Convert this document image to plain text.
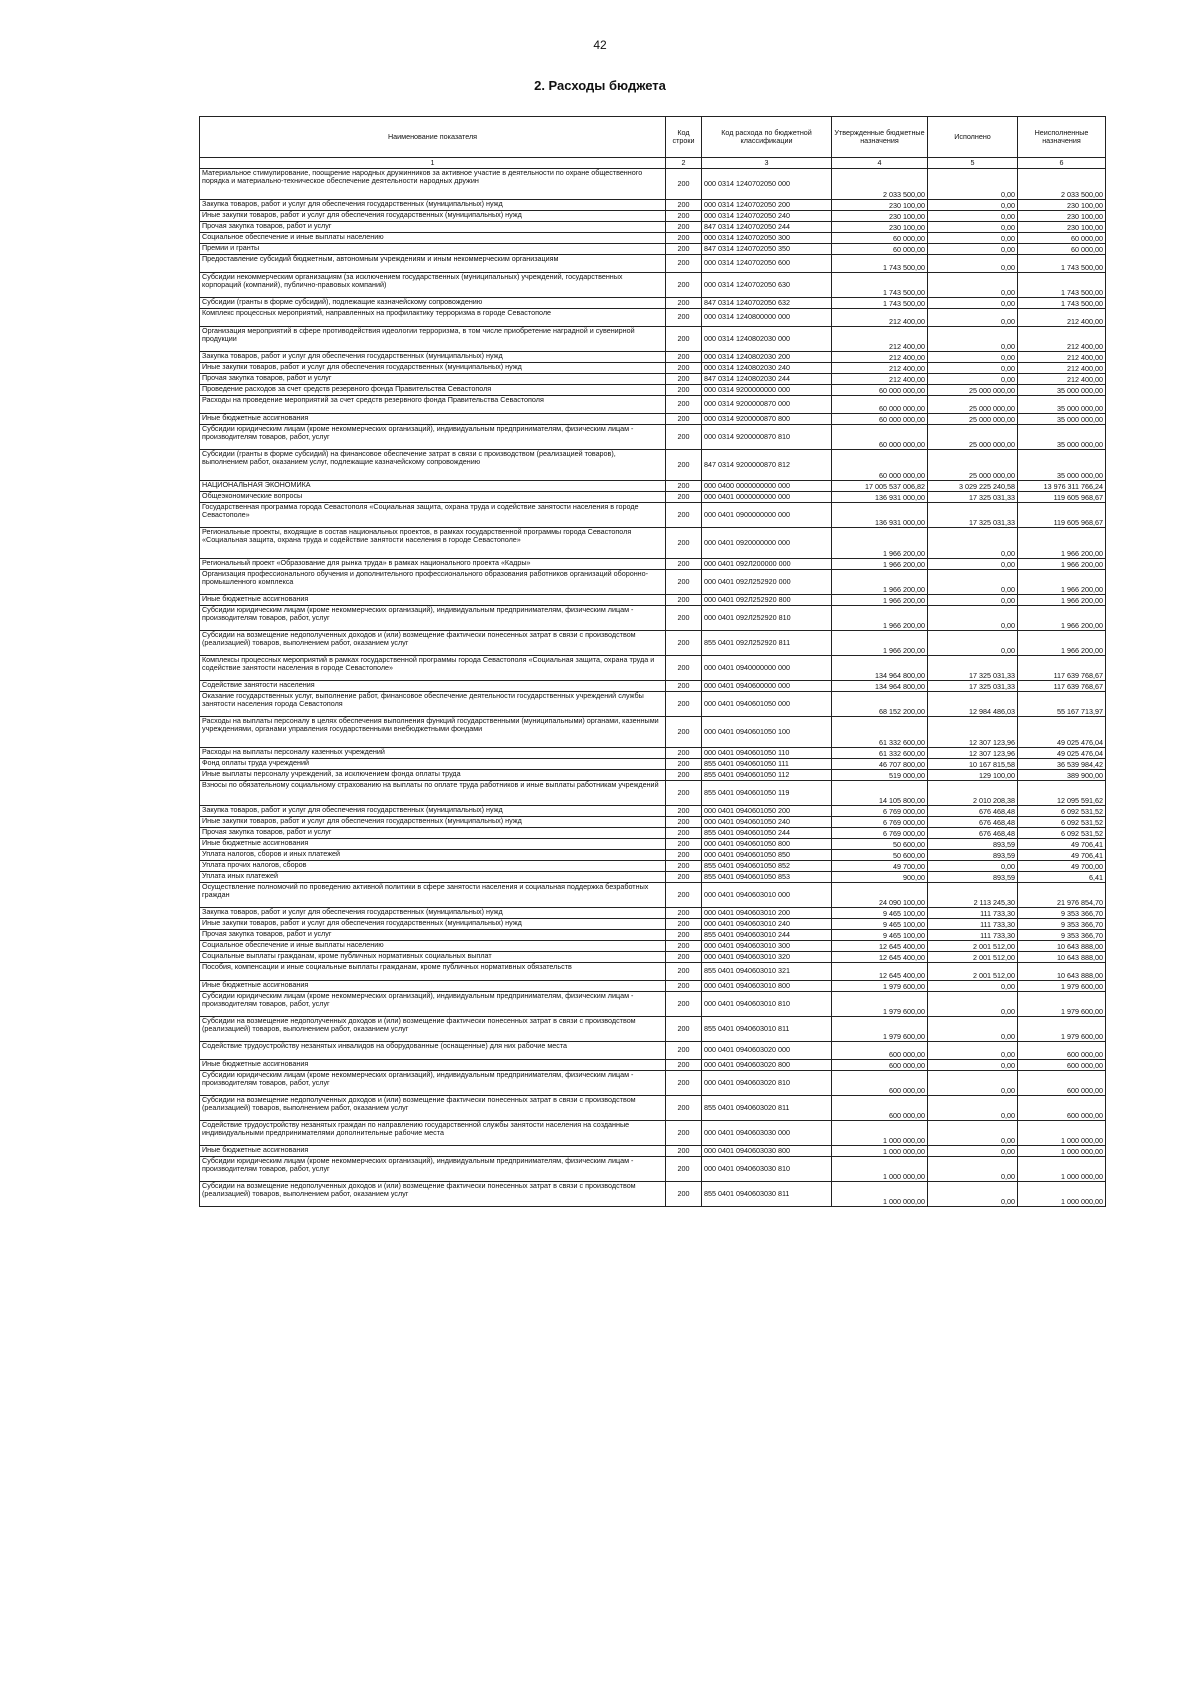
42
2. Расходы бюджета
Наименование показателя	Код строки	Код расхода по бюджетной классификации	Утвержденные бюджетные назначения	Исполнено	Неисполненные назначения
1	2	3	4	5	6
Материальное стимулирование, поощрение народных дружинников за активное участие в деятельности по охране общественного порядка и материально-техническое обеспечение деятельности народных дружин	200	000 0314 1240702050 000	2 033 500,00	0,00	2 033 500,00
Закупка товаров, работ и услуг для обеспечения государственных (муниципальных) нужд	200	000 0314 1240702050 200	230 100,00	0,00	230 100,00
Иные закупки товаров, работ и услуг для обеспечения государственных (муниципальных) нужд	200	000 0314 1240702050 240	230 100,00	0,00	230 100,00
Прочая закупка товаров, работ и услуг	200	847 0314 1240702050 244	230 100,00	0,00	230 100,00
Социальное обеспечение и иные выплаты населению	200	000 0314 1240702050 300	60 000,00	0,00	60 000,00
Премии и гранты	200	847 0314 1240702050 350	60 000,00	0,00	60 000,00
Предоставление субсидий бюджетным, автономным учреждениям и иным некоммерческим организациям	200	000 0314 1240702050 600	1 743 500,00	0,00	1 743 500,00
Субсидии некоммерческим организациям (за исключением государственных (муниципальных) учреждений, государственных корпораций (компаний), публично-правовых компаний)	200	000 0314 1240702050 630	1 743 500,00	0,00	1 743 500,00
Субсидии (гранты в форме субсидий), подлежащие казначейскому сопровождению	200	847 0314 1240702050 632	1 743 500,00	0,00	1 743 500,00
Комплекс процессных мероприятий, направленных на профилактику терроризма в городе Севастополе	200	000 0314 1240800000 000	212 400,00	0,00	212 400,00
Организация мероприятий в сфере противодействия идеологии терроризма, в том числе приобретение наградной и сувенирной продукции	200	000 0314 1240802030 000	212 400,00	0,00	212 400,00
Закупка товаров, работ и услуг для обеспечения государственных (муниципальных) нужд	200	000 0314 1240802030 200	212 400,00	0,00	212 400,00
Иные закупки товаров, работ и услуг для обеспечения государственных (муниципальных) нужд	200	000 0314 1240802030 240	212 400,00	0,00	212 400,00
Прочая закупка товаров, работ и услуг	200	847 0314 1240802030 244	212 400,00	0,00	212 400,00
Проведение расходов за счет средств резервного фонда Правительства Севастополя	200	000 0314 9200000000 000	60 000 000,00	25 000 000,00	35 000 000,00
Расходы на проведение мероприятий за счет средств резервного фонда Правительства Севастополя	200	000 0314 9200000870 000	60 000 000,00	25 000 000,00	35 000 000,00
Иные бюджетные ассигнования	200	000 0314 9200000870 800	60 000 000,00	25 000 000,00	35 000 000,00
Субсидии юридическим лицам (кроме некоммерческих организаций), индивидуальным предпринимателям, физическим лицам - производителям товаров, работ, услуг	200	000 0314 9200000870 810	60 000 000,00	25 000 000,00	35 000 000,00
Субсидии (гранты в форме субсидий) на финансовое обеспечение затрат в связи с производством (реализацией товаров), выполнением работ, оказанием услуг, подлежащие казначейскому сопровождению	200	847 0314 9200000870 812	60 000 000,00	25 000 000,00	35 000 000,00
НАЦИОНАЛЬНАЯ ЭКОНОМИКА	200	000 0400 0000000000 000	17 005 537 006,82	3 029 225 240,58	13 976 311 766,24
Общеэкономические вопросы	200	000 0401 0000000000 000	136 931 000,00	17 325 031,33	119 605 968,67
Государственная программа города Севастополя «Социальная защита, охрана труда и содействие занятости населения в городе Севастополе»	200	000 0401 0900000000 000	136 931 000,00	17 325 031,33	119 605 968,67
Региональные проекты, входящие в состав национальных проектов, в рамках государственной программы города Севастополя «Социальная защита, охрана труда и содействие занятости населения в городе Севастополе»	200	000 0401 0920000000 000	1 966 200,00	0,00	1 966 200,00
Региональный проект «Образование для рынка труда» в рамках национального проекта «Кадры»	200	000 0401 092Л200000 000	1 966 200,00	0,00	1 966 200,00
Организация профессионального обучения и дополнительного профессионального образования работников организаций оборонно-промышленного комплекса	200	000 0401 092Л252920 000	1 966 200,00	0,00	1 966 200,00
Иные бюджетные ассигнования	200	000 0401 092Л252920 800	1 966 200,00	0,00	1 966 200,00
Субсидии юридическим лицам (кроме некоммерческих организаций), индивидуальным предпринимателям, физическим лицам - производителям товаров, работ, услуг	200	000 0401 092Л252920 810	1 966 200,00	0,00	1 966 200,00
Субсидии на возмещение недополученных доходов и (или) возмещение фактически понесенных затрат в связи с производством (реализацией) товаров, выполнением работ, оказанием услуг	200	855 0401 092Л252920 811	1 966 200,00	0,00	1 966 200,00
Комплексы процессных мероприятий в рамках государственной программы города Севастополя «Социальная защита, охрана труда и содействие занятости населения в городе Севастополе»	200	000 0401 0940000000 000	134 964 800,00	17 325 031,33	117 639 768,67
Содействие занятости населения	200	000 0401 0940600000 000	134 964 800,00	17 325 031,33	117 639 768,67
Оказание государственных услуг, выполнение работ, финансовое обеспечение деятельности государственных учреждений службы занятости населения города Севастополя	200	000 0401 0940601050 000	68 152 200,00	12 984 486,03	55 167 713,97
Расходы на выплаты персоналу в целях обеспечения выполнения функций государственными (муниципальными) органами, казенными учреждениями, органами управления государственными внебюджетными фондами	200	000 0401 0940601050 100	61 332 600,00	12 307 123,96	49 025 476,04
Расходы на выплаты персоналу казенных учреждений	200	000 0401 0940601050 110	61 332 600,00	12 307 123,96	49 025 476,04
Фонд оплаты труда учреждений	200	855 0401 0940601050 111	46 707 800,00	10 167 815,58	36 539 984,42
Иные выплаты персоналу учреждений, за исключением фонда оплаты труда	200	855 0401 0940601050 112	519 000,00	129 100,00	389 900,00
Взносы по обязательному социальному страхованию на выплаты по оплате труда работников и иные выплаты работникам учреждений	200	855 0401 0940601050 119	14 105 800,00	2 010 208,38	12 095 591,62
Закупка товаров, работ и услуг для обеспечения государственных (муниципальных) нужд	200	000 0401 0940601050 200	6 769 000,00	676 468,48	6 092 531,52
Иные закупки товаров, работ и услуг для обеспечения государственных (муниципальных) нужд	200	000 0401 0940601050 240	6 769 000,00	676 468,48	6 092 531,52
Прочая закупка товаров, работ и услуг	200	855 0401 0940601050 244	6 769 000,00	676 468,48	6 092 531,52
Иные бюджетные ассигнования	200	000 0401 0940601050 800	50 600,00	893,59	49 706,41
Уплата налогов, сборов и иных платежей	200	000 0401 0940601050 850	50 600,00	893,59	49 706,41
Уплата прочих налогов, сборов	200	855 0401 0940601050 852	49 700,00	0,00	49 700,00
Уплата иных платежей	200	855 0401 0940601050 853	900,00	893,59	6,41
Осуществление полномочий по проведению активной политики в сфере занятости населения и социальная поддержка безработных граждан	200	000 0401 0940603010 000	24 090 100,00	2 113 245,30	21 976 854,70
Закупка товаров, работ и услуг для обеспечения государственных (муниципальных) нужд	200	000 0401 0940603010 200	9 465 100,00	111 733,30	9 353 366,70
Иные закупки товаров, работ и услуг для обеспечения государственных (муниципальных) нужд	200	000 0401 0940603010 240	9 465 100,00	111 733,30	9 353 366,70
Прочая закупка товаров, работ и услуг	200	855 0401 0940603010 244	9 465 100,00	111 733,30	9 353 366,70
Социальное обеспечение и иные выплаты населению	200	000 0401 0940603010 300	12 645 400,00	2 001 512,00	10 643 888,00
Социальные выплаты гражданам, кроме публичных нормативных социальных выплат	200	000 0401 0940603010 320	12 645 400,00	2 001 512,00	10 643 888,00
Пособия, компенсации и иные социальные выплаты гражданам, кроме публичных нормативных обязательств	200	855 0401 0940603010 321	12 645 400,00	2 001 512,00	10 643 888,00
Иные бюджетные ассигнования	200	000 0401 0940603010 800	1 979 600,00	0,00	1 979 600,00
Субсидии юридическим лицам (кроме некоммерческих организаций), индивидуальным предпринимателям, физическим лицам - производителям товаров, работ, услуг	200	000 0401 0940603010 810	1 979 600,00	0,00	1 979 600,00
Субсидии на возмещение недополученных доходов и (или) возмещение фактически понесенных затрат в связи с производством (реализацией) товаров, выполнением работ, оказанием услуг	200	855 0401 0940603010 811	1 979 600,00	0,00	1 979 600,00
Содействие трудоустройству незанятых инвалидов на оборудованные (оснащенные) для них рабочие места	200	000 0401 0940603020 000	600 000,00	0,00	600 000,00
Иные бюджетные ассигнования	200	000 0401 0940603020 800	600 000,00	0,00	600 000,00
Субсидии юридическим лицам (кроме некоммерческих организаций), индивидуальным предпринимателям, физическим лицам - производителям товаров, работ, услуг	200	000 0401 0940603020 810	600 000,00	0,00	600 000,00
Субсидии на возмещение недополученных доходов и (или) возмещение фактически понесенных затрат в связи с производством (реализацией) товаров, выполнением работ, оказанием услуг	200	855 0401 0940603020 811	600 000,00	0,00	600 000,00
Содействие трудоустройству незанятых граждан по направлению государственной службы занятости населения на созданные индивидуальными предпринимателями дополнительные рабочие места	200	000 0401 0940603030 000	1 000 000,00	0,00	1 000 000,00
Иные бюджетные ассигнования	200	000 0401 0940603030 800	1 000 000,00	0,00	1 000 000,00
Субсидии юридическим лицам (кроме некоммерческих организаций), индивидуальным предпринимателям, физическим лицам - производителям товаров, работ, услуг	200	000 0401 0940603030 810	1 000 000,00	0,00	1 000 000,00
Субсидии на возмещение недополученных доходов и (или) возмещение фактически понесенных затрат в связи с производством (реализацией) товаров, выполнением работ, оказанием услуг	200	855 0401 0940603030 811	1 000 000,00	0,00	1 000 000,00
